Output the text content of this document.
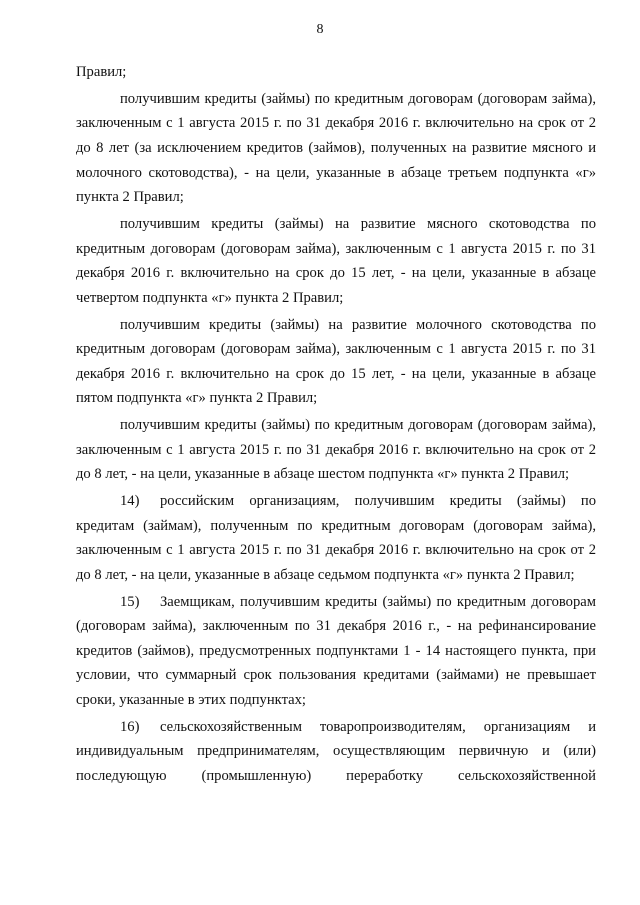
8

Правил;

получившим кредиты (займы) по кредитным договорам (договорам займа), заключенным с 1 августа 2015 г. по 31 декабря 2016 г. включительно на срок от 2 до 8 лет (за исключением кредитов (займов), полученных на развитие мясного и молочного скотоводства), - на цели, указанные в абзаце третьем подпункта «г» пункта 2 Правил;

получившим кредиты (займы) на развитие мясного скотоводства по кредитным договорам (договорам займа), заключенным с 1 августа 2015 г. по 31 декабря 2016 г. включительно на срок до 15 лет, - на цели, указанные в абзаце четвертом подпункта «г» пункта 2 Правил;

получившим кредиты (займы) на развитие молочного скотоводства по кредитным договорам (договорам займа), заключенным с 1 августа 2015 г. по 31 декабря 2016 г. включительно на срок до 15 лет, - на цели, указанные в абзаце пятом подпункта «г» пункта 2 Правил;

получившим кредиты (займы) по кредитным договорам (договорам займа), заключенным с 1 августа 2015 г. по 31 декабря 2016 г. включительно на срок от 2 до 8 лет, - на цели, указанные в абзаце шестом подпункта «г» пункта 2 Правил;

14) российским организациям, получившим кредиты (займы) по кредитам (займам), полученным по кредитным договорам (договорам займа), заключенным с 1 августа 2015 г. по 31 декабря 2016 г. включительно на срок от 2 до 8 лет, - на цели, указанные в абзаце седьмом подпункта «г» пункта 2 Правил;

15) Заемщикам, получившим кредиты (займы) по кредитным договорам (договорам займа), заключенным по 31 декабря 2016 г., - на рефинансирование кредитов (займов), предусмотренных подпунктами 1 - 14 настоящего пункта, при условии, что суммарный срок пользования кредитами (займами) не превышает сроки, указанные в этих подпунктах;

16) сельскохозяйственным товаропроизводителям, организациям и индивидуальным предпринимателям, осуществляющим первичную и (или) последующую (промышленную) переработку сельскохозяйственной
